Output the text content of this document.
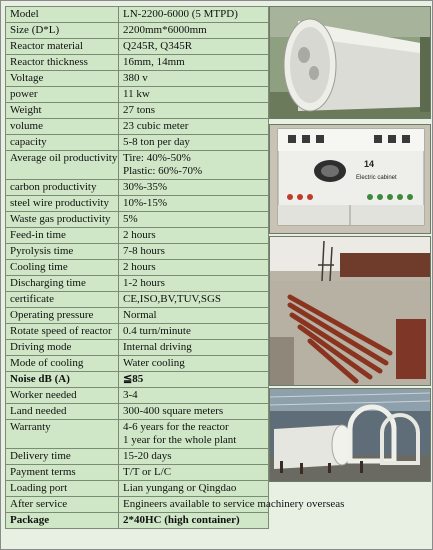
Model	LN-2200-6000 (5 MTPD)

Size (D*L)	2200mm*6000mm

Reactor material	Q245R, Q345R

Reactor thickness	16mm, 14mm

Voltage	380 v

power	11 kw

Weight	27 tons

volume	23 cubic meter

capacity	5-8 ton per day

Average oil productivity	Tire: 40%-50%
Plastic: 60%-70%

carbon productivity	30%-35%

steel wire productivity	10%-15%

Waste gas productivity	5%

Feed-in time	2 hours

Pyrolysis time	7-8 hours

Cooling time	2 hours

Discharging time	1-2 hours

certificate	CE,ISO,BV,TUV,SGS

Operating pressure	Normal

Rotate speed of reactor	0.4 turn/minute

Driving mode	Internal driving

Mode of cooling	Water cooling

Noise dB (A)	≦85

Worker needed	3-4

Land needed	300-400 square meters

Warranty	4-6 years for the reactor
1 year for the whole plant

Delivery time	15-20 days

Payment terms	T/T or L/C

Loading port	Lian yungang or Qingdao

After service	Engineers available to service machinery overseas

Package	2*40HC (high container)
14
Electric cabinet
